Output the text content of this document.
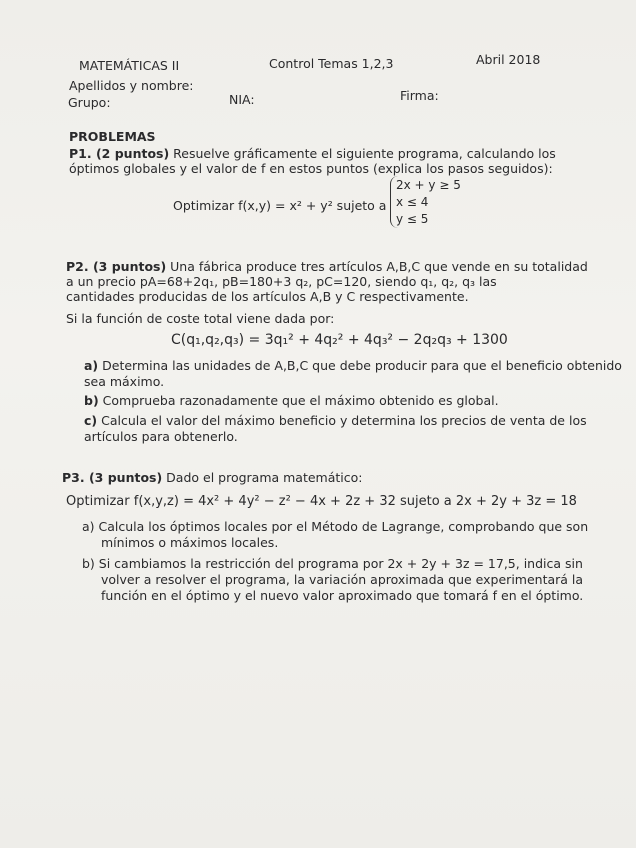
MATEMÁTICAS II	Control Temas 1,2,3	Abril 2018
Apellidos y nombre:
Grupo:	NIA:	Firma:
PROBLEMAS
P1. (2 puntos) Resuelve gráficamente el siguiente programa, calculando los
óptimos globales y el valor de f en estos puntos (explica los pasos seguidos):
Optimizar f(x,y) = x² + y² sujeto a
2x + y ≥ 5
x ≤ 4
y ≤ 5
P2. (3 puntos) Una fábrica produce tres artículos A,B,C que vende en su totalidad
a un precio pA=68+2q₁, pB=180+3 q₂, pC=120, siendo q₁, q₂, q₃ las
cantidades producidas de los artículos A,B y C respectivamente.
Si la función de coste total viene dada por:
C(q₁,q₂,q₃) = 3q₁² + 4q₂² + 4q₃² − 2q₂q₃ + 1300
a) Determina las unidades de A,B,C que debe producir para que el beneficio obtenido
sea máximo.
b) Comprueba razonadamente que el máximo obtenido es global.
c) Calcula el valor del máximo beneficio y determina los precios de venta de los
artículos para obtenerlo.
P3. (3 puntos) Dado el programa matemático:
Optimizar f(x,y,z) = 4x² + 4y² − z² − 4x + 2z + 32 sujeto a 2x + 2y + 3z = 18
a) Calcula los óptimos locales por el Método de Lagrange, comprobando que son
mínimos o máximos locales.
b) Si cambiamos la restricción del programa por 2x + 2y + 3z = 17,5, indica sin
volver a resolver el programa, la variación aproximada que experimentará la
función en el óptimo y el nuevo valor aproximado que tomará f en el óptimo.
